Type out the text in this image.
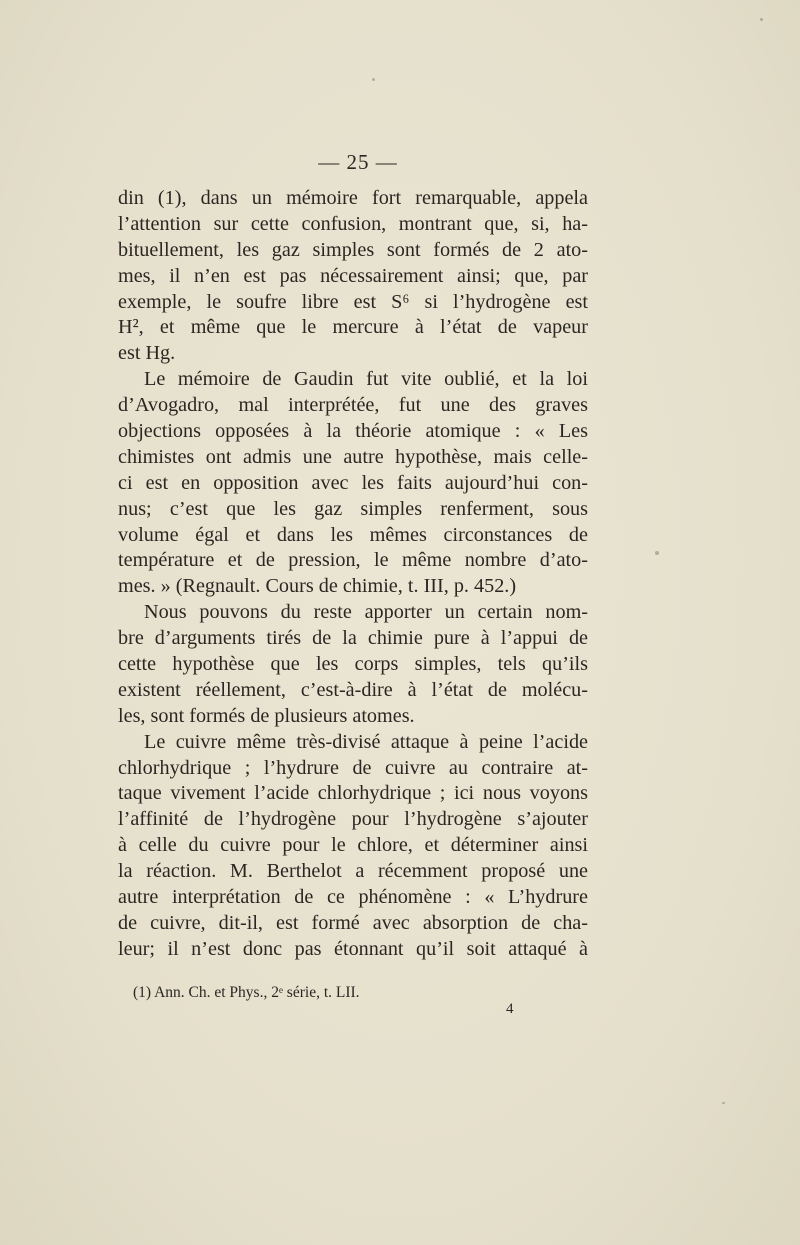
— 25 —
din (1), dans un mémoire fort remarquable, appela
l’attention sur cette confusion, montrant que, si, ha-
bituellement, les gaz simples sont formés de 2 ato-
mes, il n’en est pas nécessairement ainsi; que, par
exemple, le soufre libre est S⁶ si l’hydrogène est
H², et même que le mercure à l’état de vapeur
est Hg.
Le mémoire de Gaudin fut vite oublié, et la loi
d’Avogadro, mal interprétée, fut une des graves
objections opposées à la théorie atomique : « Les
chimistes ont admis une autre hypothèse, mais celle-
ci est en opposition avec les faits aujourd’hui con-
nus; c’est que les gaz simples renferment, sous
volume égal et dans les mêmes circonstances de
température et de pression, le même nombre d’ato-
mes. » (Regnault. Cours de chimie, t. III, p. 452.)
Nous pouvons du reste apporter un certain nom-
bre d’arguments tirés de la chimie pure à l’appui de
cette hypothèse que les corps simples, tels qu’ils
existent réellement, c’est-à-dire à l’état de molécu-
les, sont formés de plusieurs atomes.
Le cuivre même très-divisé attaque à peine l’acide
chlorhydrique ; l’hydrure de cuivre au contraire at-
taque vivement l’acide chlorhydrique ; ici nous voyons
l’affinité de l’hydrogène pour l’hydrogène s’ajouter
à celle du cuivre pour le chlore, et déterminer ainsi
la réaction. M. Berthelot a récemment proposé une
autre interprétation de ce phénomène : « L’hydrure
de cuivre, dit-il, est formé avec absorption de cha-
leur; il n’est donc pas étonnant qu’il soit attaqué à
(1) Ann. Ch. et Phys., 2ᵉ série, t. LII.
4
